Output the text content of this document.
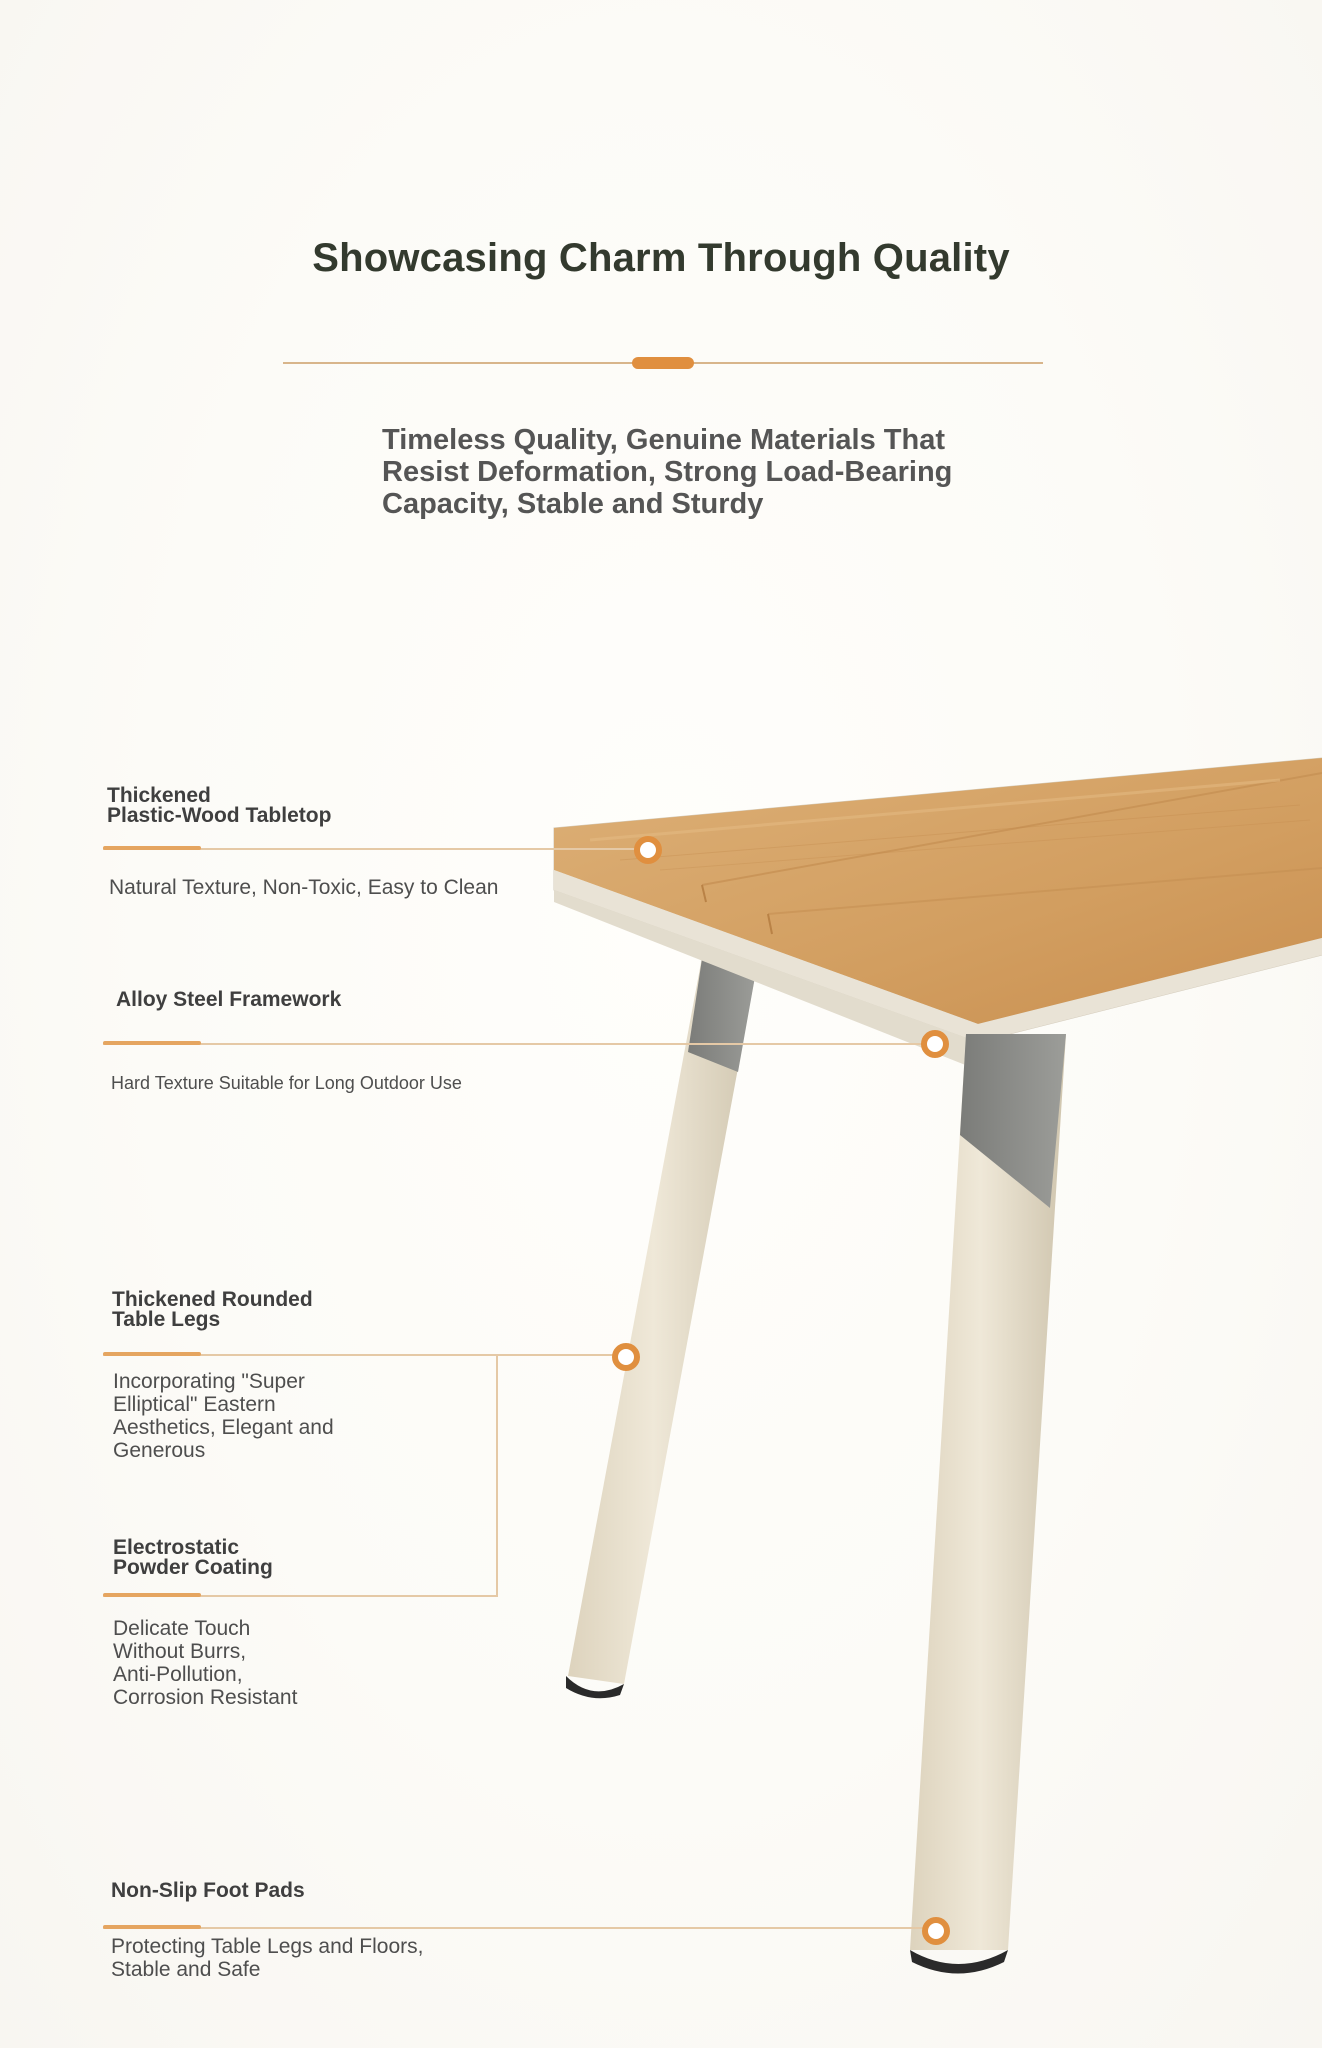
Showcasing Charm Through Quality
Timeless Quality, Genuine Materials That Resist Deformation, Strong Load-Bearing Capacity, Stable and Sturdy
Thickened
Plastic-Wood Tabletop
Natural Texture, Non-Toxic, Easy to Clean
Alloy Steel Framework
Hard Texture Suitable for Long Outdoor Use
Thickened Rounded
Table Legs
Incorporating "Super
Elliptical" Eastern
Aesthetics, Elegant and
Generous
Electrostatic
Powder Coating
Delicate Touch
Without Burrs,
Anti-Pollution,
Corrosion Resistant
Non-Slip Foot Pads
Protecting Table Legs and Floors,
Stable and Safe
